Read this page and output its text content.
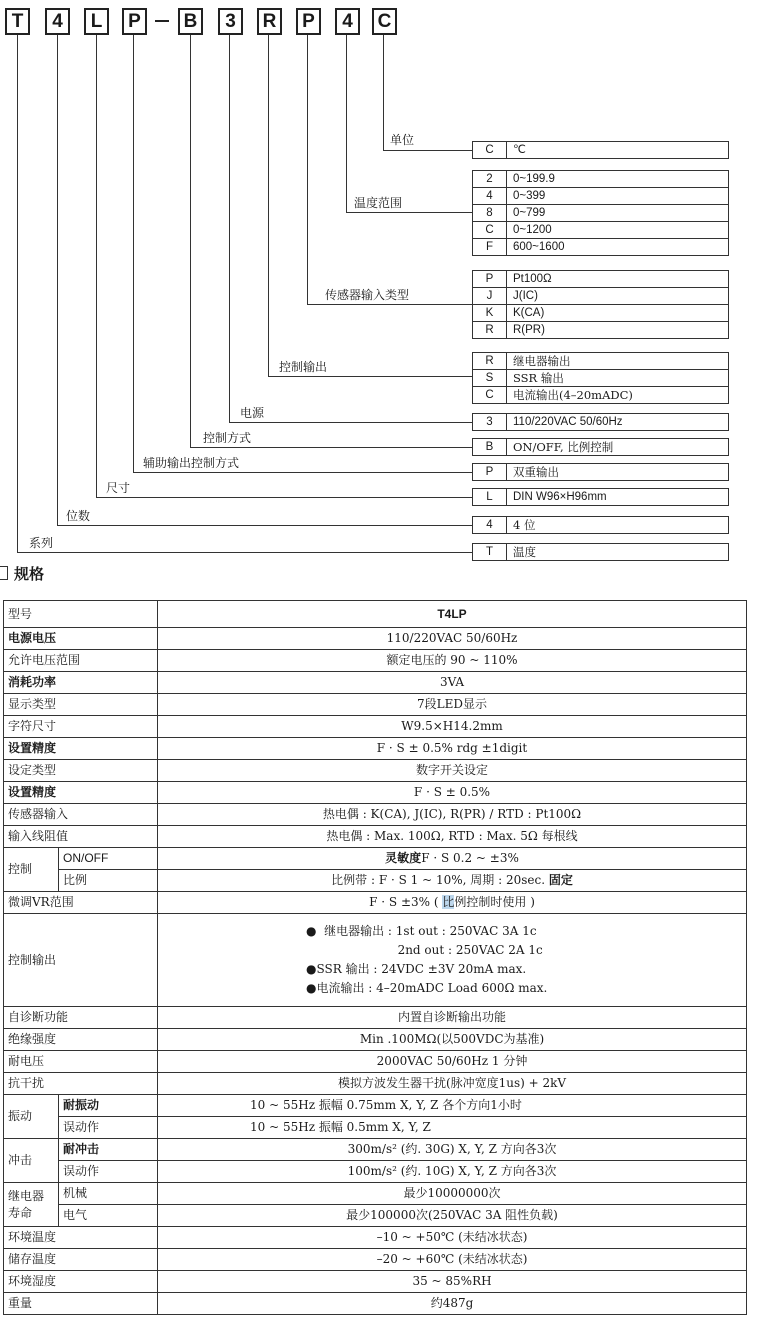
T	4	L	P	B	3	R	P	4	C
单位
温度范围
传感器输入类型
控制输出
电源
控制方式
辅助输出控制方式
尺寸
位数
系列
C	℃
2	0~199.9
4	0~399
8	0~799
C	0~1200
F	600~1600
P	Pt100Ω
J	J(IC)
K	K(CA)
R	R(PR)
R	继电器输出
S	SSR 输出
C	电流输出(4–20mADC)
3	110/220VAC 50/60Hz
B	ON/OFF, 比例控制
P	双重输出
L	DIN W96×H96mm
4	4 位
T	温度
规格
型号		T4LP
电源电压		110/220VAC 50/60Hz
允许电压范围		额定电压的 90 ~ 110%
消耗功率		3VA
显示类型		7段LED显示
字符尺寸		W9.5×H14.2mm
设置精度		F · S ± 0.5% rdg ±1digit
设定类型		数字开关设定
设置精度		F · S ± 0.5%
传感器输入		热电偶 : K(CA), J(IC), R(PR) / RTD : Pt100Ω
输入线阻值		热电偶 : Max. 100Ω, RTD : Max. 5Ω 每根线
控制	ON/OFF	灵敏度F · S 0.2 ~ ±3%
	比例	比例带 : F · S 1 ~ 10%, 周期 : 20sec. 固定
微调VR范围		F · S ±3% ( 比例控制时使用 )
控制输出		●  继电器输出 : 1st out : 250VAC 3A 1c
2nd out : 250VAC 2A 1c
●SSR 输出 : 24VDC ±3V 20mA max.
●电流输出 : 4–20mADC Load 600Ω max.

自诊断功能		内置自诊断输出功能
绝缘强度		Min .100MΩ(以500VDC为基准)
耐电压		2000VAC 50/60Hz 1 分钟
抗干扰		模拟方波发生器干扰(脉冲宽度1us) + 2kV
振动	耐振动	10 ~ 55Hz 振幅 0.75mm X, Y, Z 各个方向1小时
	误动作	10 ~ 55Hz 振幅 0.5mm X, Y, Z
冲击	耐冲击	300m/s² (约. 30G) X, Y, Z 方向各3次
	误动作	100m/s² (约. 10G) X, Y, Z 方向各3次

继电器
寿命	机械	最少10000000次
	电气	最少100000次(250VAC 3A 阻性负载)
环境温度		–10 ~ +50℃ (未结冰状态)
储存温度		–20 ~ +60℃ (未结冰状态)
环境湿度		35 ~ 85%RH
重量		约487g
